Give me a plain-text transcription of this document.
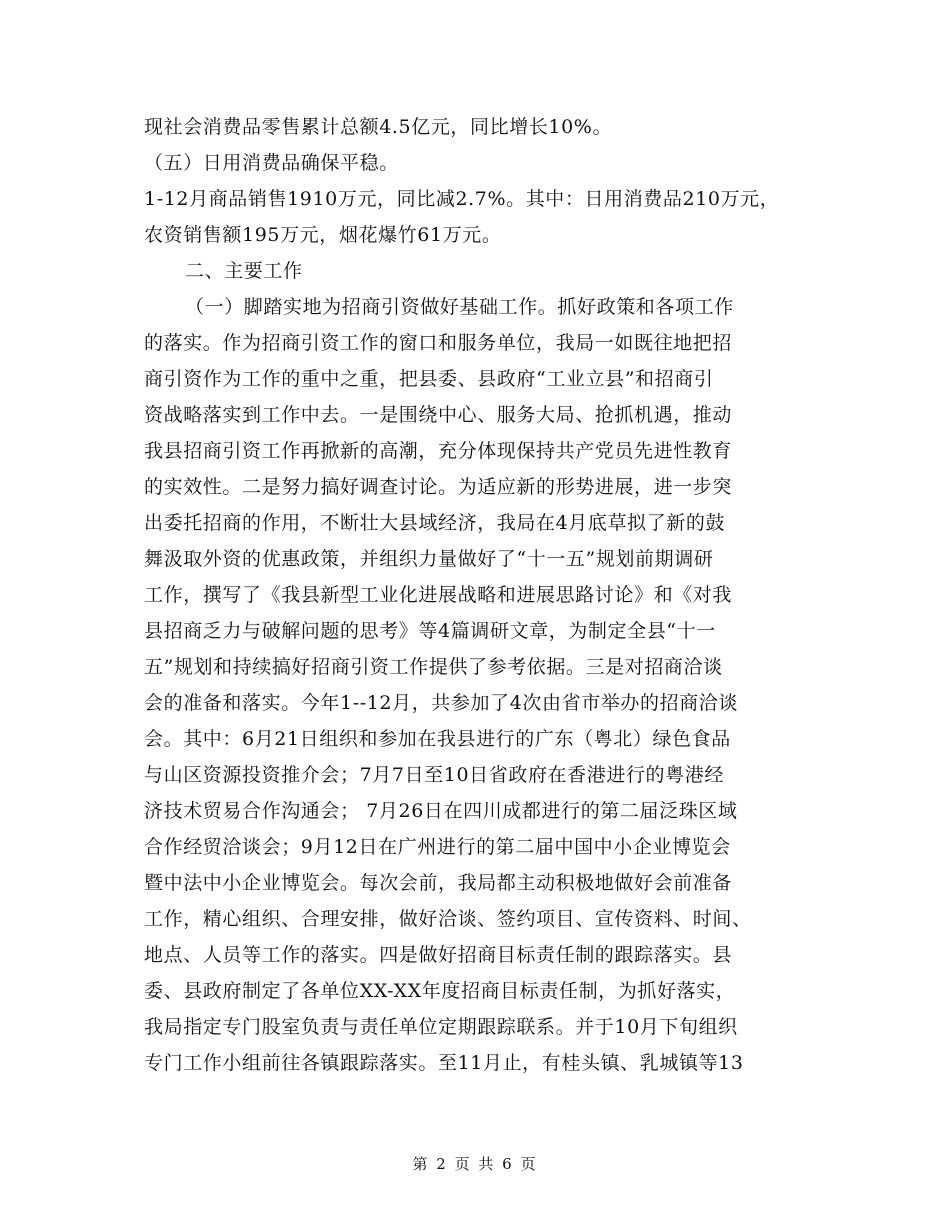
现社会消费品零售累计总额4.5亿元，同比增长10%。
（五）日用消费品确保平稳。
1-12月商品销售1910万元，同比减2.7%。其中：日用消费品210万元，
农资销售额195万元，烟花爆竹61万元。
二、主要工作
（一）脚踏实地为招商引资做好基础工作。抓好政策和各项工作
的落实。作为招商引资工作的窗口和服务单位，我局一如既往地把招
商引资作为工作的重中之重，把县委、县政府“工业立县”和招商引
资战略落实到工作中去。一是围绕中心、服务大局、抢抓机遇，推动
我县招商引资工作再掀新的高潮，充分体现保持共产党员先进性教育
的实效性。二是努力搞好调查讨论。为适应新的形势进展，进一步突
出委托招商的作用，不断壮大县域经济，我局在4月底草拟了新的鼓
舞汲取外资的优惠政策，并组织力量做好了“十一五”规划前期调研
工作，撰写了《我县新型工业化进展战略和进展思路讨论》和《对我
县招商乏力与破解问题的思考》等4篇调研文章，为制定全县“十一
五”规划和持续搞好招商引资工作提供了参考依据。三是对招商洽谈
会的准备和落实。今年1--12月，共参加了4次由省市举办的招商洽谈
会。其中：6月21日组织和参加在我县进行的广东（粤北）绿色食品
与山区资源投资推介会；7月7日至10日省政府在香港进行的粤港经
济技术贸易合作沟通会； 7月26日在四川成都进行的第二届泛珠区域
合作经贸洽谈会；9月12日在广州进行的第二届中国中小企业博览会
暨中法中小企业博览会。每次会前，我局都主动积极地做好会前准备
工作，精心组织、合理安排，做好洽谈、签约项目、宣传资料、时间、
地点、人员等工作的落实。四是做好招商目标责任制的跟踪落实。县
委、县政府制定了各单位XX-XX年度招商目标责任制，为抓好落实，
我局指定专门股室负责与责任单位定期跟踪联系。并于10月下旬组织
专门工作小组前往各镇跟踪落实。至11月止，有桂头镇、乳城镇等13
第 2 页 共 6 页
